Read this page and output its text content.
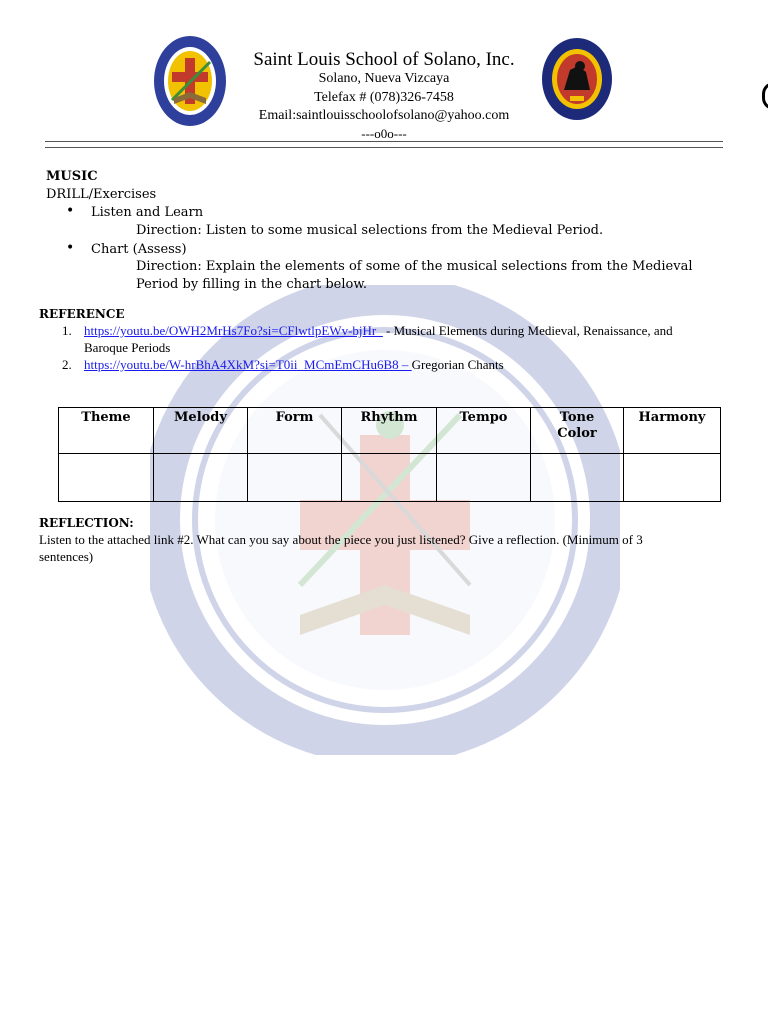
Saint Louis School of Solano, Inc.
Solano, Nueva Vizcaya
Telefax # (078)326-7458
Email:saintlouisschoolofsolano@yahoo.com
---o0o---
MUSIC
DRILL/Exercises
• Listen and Learn
Direction: Listen to some musical selections from the Medieval Period.
• Chart (Assess)
Direction: Explain the elements of some of the musical selections from the Medieval
Period by filling in the chart below.
REFERENCE
1. https://youtu.be/OWH2MrHs7Fo?si=CFlwtlpEWv-bjHr_ - Musical Elements during Medieval, Renaissance, and
Baroque Periods
2. https://youtu.be/W-hrBhA4XkM?si=T0ii_MCmEmCHu6B8 – Gregorian Chants
Theme	Melody	Form	Rhythm	Tempo	Tone Color	Harmony

REFLECTION:
Listen to the attached link #2. What can you say about the piece you just listened? Give a reflection. (Minimum of 3
sentences)
